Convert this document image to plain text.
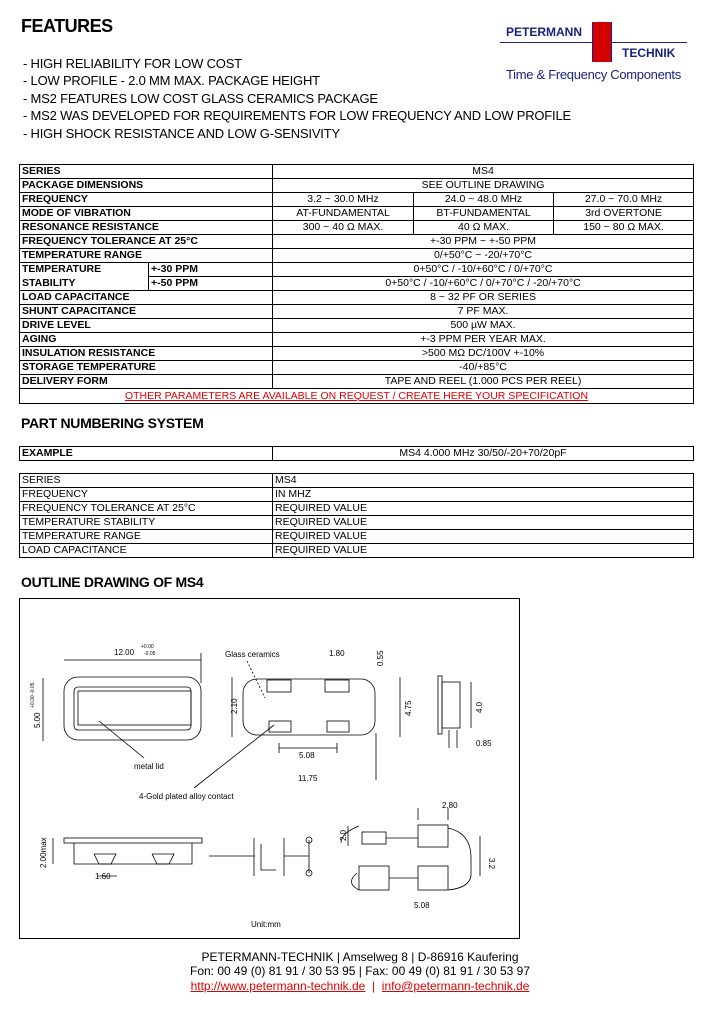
FEATURES
- HIGH RELIABILITY FOR LOW COST
- LOW PROFILE - 2.0 MM MAX. PACKAGE HEIGHT
- MS2 FEATURES LOW COST GLASS CERAMICS PACKAGE
- MS2 WAS DEVELOPED FOR REQUIREMENTS FOR LOW FREQUENCY AND LOW PROFILE
- HIGH SHOCK RESISTANCE AND LOW G-SENSIVITY
PETERMANN
TECHNIK
Time & Frequency Components
SERIES		MS4		
PACKAGE DIMENSIONS		SEE OUTLINE DRAWING		
FREQUENCY		3.2 ~ 30.0 MHz	24.0 ~ 48.0 MHz	27.0 ~ 70.0 MHz
MODE OF VIBRATION		AT-FUNDAMENTAL	BT-FUNDAMENTAL	3rd OVERTONE
RESONANCE RESISTANCE		300 ~ 40 Ω MAX.	40 Ω MAX.	150 ~ 80 Ω MAX.
FREQUENCY TOLERANCE AT 25°C		+-30 PPM ~ +-50 PPM		
TEMPERATURE RANGE		0/+50°C ~ -20/+70°C		
TEMPERATURE	+-30 PPM	0+50°C / -10/+60°C / 0/+70°C		
STABILITY	+-50 PPM	0+50°C / -10/+60°C / 0/+70°C / -20/+70°C		
LOAD CAPACITANCE		8 ~ 32 PF OR SERIES		
SHUNT CAPACITANCE		7 PF MAX.		
DRIVE LEVEL		500 µW MAX.		
AGING		+-3 PPM PER YEAR MAX.		
INSULATION RESISTANCE		>500 MΩ DC/100V +-10%		
STORAGE TEMPERATURE		-40/+85°C		
DELIVERY FORM		TAPE AND REEL (1.000 PCS PER REEL)		
OTHER PARAMETERS ARE AVAILABLE ON REQUEST / CREATE HERE YOUR SPECIFICATION				
PART NUMBERING SYSTEM
EXAMPLE	MS4 4.000 MHz 30/50/-20+70/20pF
SERIES	MS4
FREQUENCY	IN MHZ
FREQUENCY TOLERANCE AT 25°C	REQUIRED VALUE
TEMPERATURE STABILITY	REQUIRED VALUE
TEMPERATURE RANGE	REQUIRED VALUE
LOAD CAPACITANCE	REQUIRED VALUE
OUTLINE DRAWING OF MS4
12.00
+0.00
-0.05
5.00
+0.00 -0.05
Glass ceramics	1.80	0.55
2.10	4.75	4.0
0.85
5.08
11.75
metal lid
4-Gold plated alloy contact
2.00max
1.60
2.80
2.0
3.2
5.08
Unit:mm
PETERMANN-TECHNIK | Amselweg 8 | D-86916 Kaufering
Fon: 00 49 (0) 81 91 / 30 53 95 | Fax: 00 49 (0) 81 91 / 30 53 97
http://www.petermann-technik.de  |  info@petermann-technik.de
